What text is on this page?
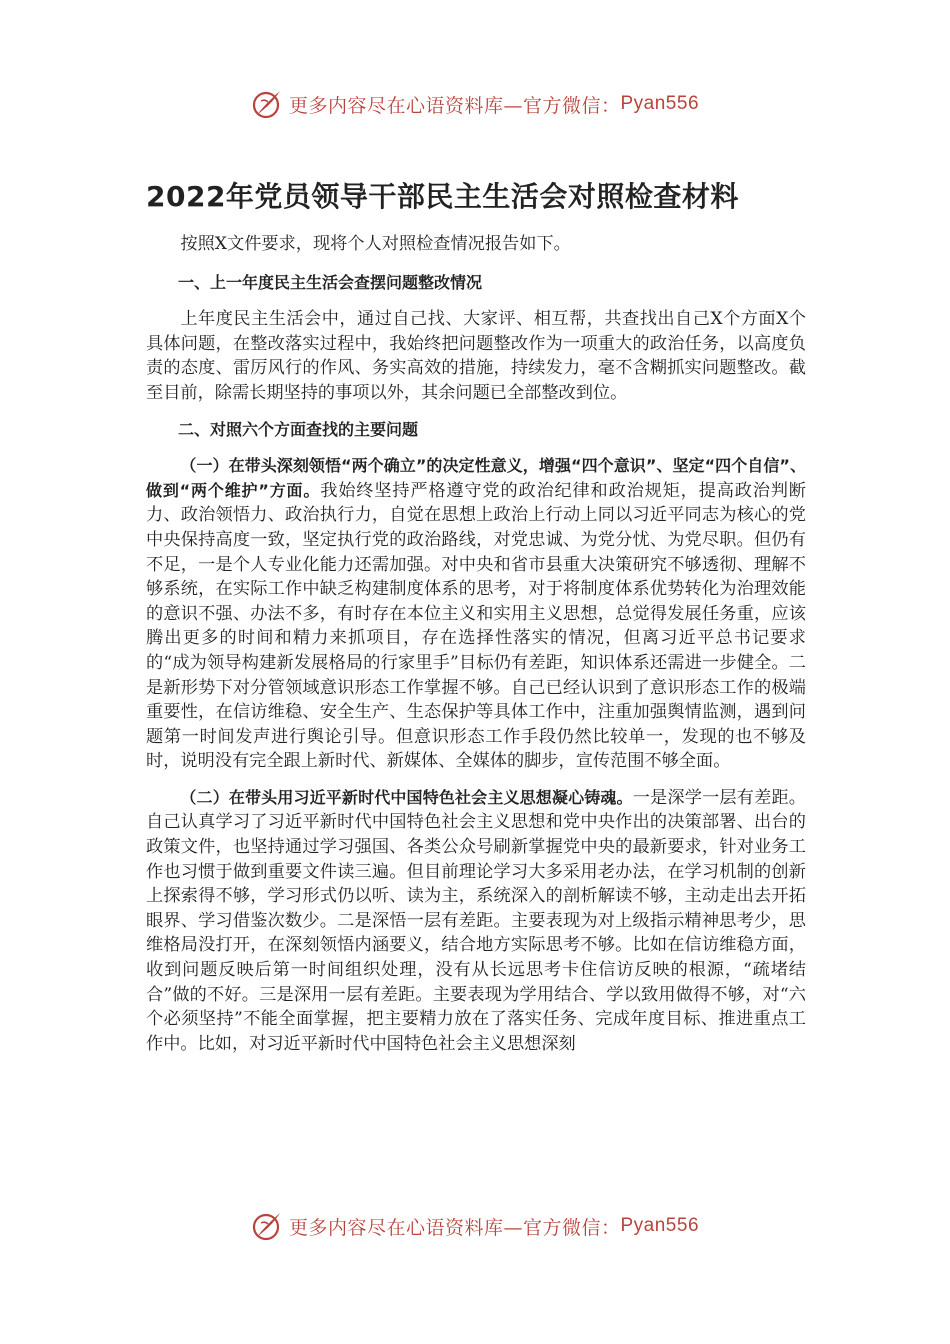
更多内容尽在心语资料库—官方微信： Pyan556
2022年党员领导干部民主生活会对照检查材料

按照X文件要求，现将个人对照检查情况报告如下。

一、上一年度民主生活会查摆问题整改情况

上年度民主生活会中，通过自己找、大家评、相互帮，共查找出自己X个方面X个具体问题，在整改落实过程中，我始终把问题整改作为一项重大的政治任务，以高度负责的态度、雷厉风行的作风、务实高效的措施，持续发力，毫不含糊抓实问题整改。截至目前，除需长期坚持的事项以外，其余问题已全部整改到位。

二、对照六个方面查找的主要问题

（一）在带头深刻领悟“两个确立”的决定性意义，增强“四个意识”、坚定“四个自信”、做到“两个维护”方面。我始终坚持严格遵守党的政治纪律和政治规矩，提高政治判断力、政治领悟力、政治执行力，自觉在思想上政治上行动上同以习近平同志为核心的党中央保持高度一致，坚定执行党的政治路线，对党忠诚、为党分忧、为党尽职。但仍有不足，一是个人专业化能力还需加强。对中央和省市县重大决策研究不够透彻、理解不够系统，在实际工作中缺乏构建制度体系的思考，对于将制度体系优势转化为治理效能的意识不强、办法不多，有时存在本位主义和实用主义思想，总觉得发展任务重，应该腾出更多的时间和精力来抓项目，存在选择性落实的情况，但离习近平总书记要求的“成为领导构建新发展格局的行家里手”目标仍有差距，知识体系还需进一步健全。二是新形势下对分管领域意识形态工作掌握不够。自己已经认识到了意识形态工作的极端重要性，在信访维稳、安全生产、生态保护等具体工作中，注重加强舆情监测，遇到问题第一时间发声进行舆论引导。但意识形态工作手段仍然比较单一，发现的也不够及时，说明没有完全跟上新时代、新媒体、全媒体的脚步，宣传范围不够全面。

（二）在带头用习近平新时代中国特色社会主义思想凝心铸魂。一是深学一层有差距。自己认真学习了习近平新时代中国特色社会主义思想和党中央作出的决策部署、出台的政策文件，也坚持通过学习强国、各类公众号刷新掌握党中央的最新要求，针对业务工作也习惯于做到重要文件读三遍。但目前理论学习大多采用老办法，在学习机制的创新上探索得不够，学习形式仍以听、读为主，系统深入的剖析解读不够，主动走出去开拓眼界、学习借鉴次数少。二是深悟一层有差距。主要表现为对上级指示精神思考少，思维格局没打开，在深刻领悟内涵要义，结合地方实际思考不够。比如在信访维稳方面，收到问题反映后第一时间组织处理，没有从长远思考卡住信访反映的根源，“疏堵结合”做的不好。三是深用一层有差距。主要表现为学用结合、学以致用做得不够，对“六个必须坚持”不能全面掌握，把主要精力放在了落实任务、完成年度目标、推进重点工作中。比如，对习近平新时代中国特色社会主义思想深刻

更多内容尽在心语资料库—官方微信： Pyan556
